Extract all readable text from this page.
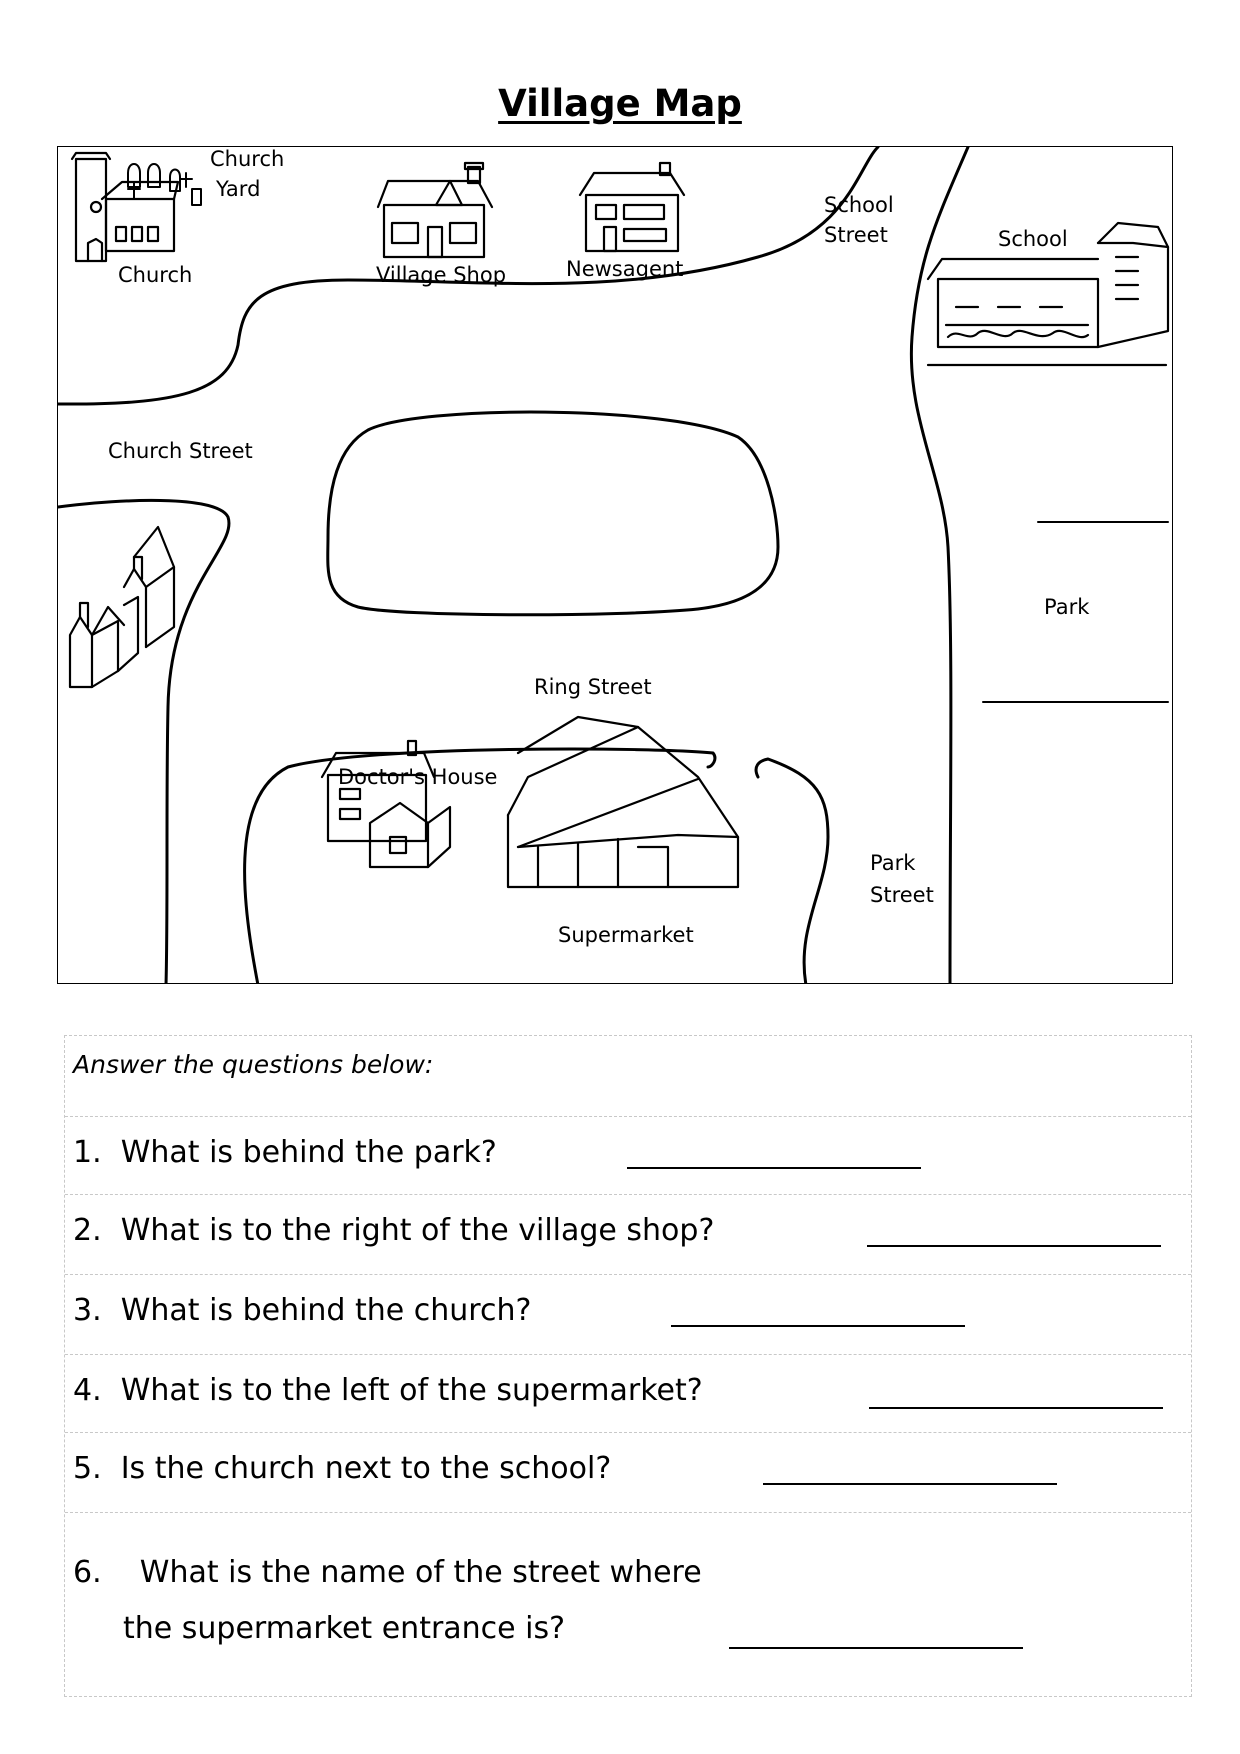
Village Map
Church
Yard
Church	Village Shop	Newsagent
School
Street	School
Church Street
Park
Ring Street
Doctor's House
Park
Street
Supermarket
Answer the questions below:
1. What is behind the park?
2. What is to the right of the village shop?
3. What is behind the church?
4. What is to the left of the supermarket?
5. Is the church next to the school?
6. What is the name of the street where
the supermarket entrance is?
